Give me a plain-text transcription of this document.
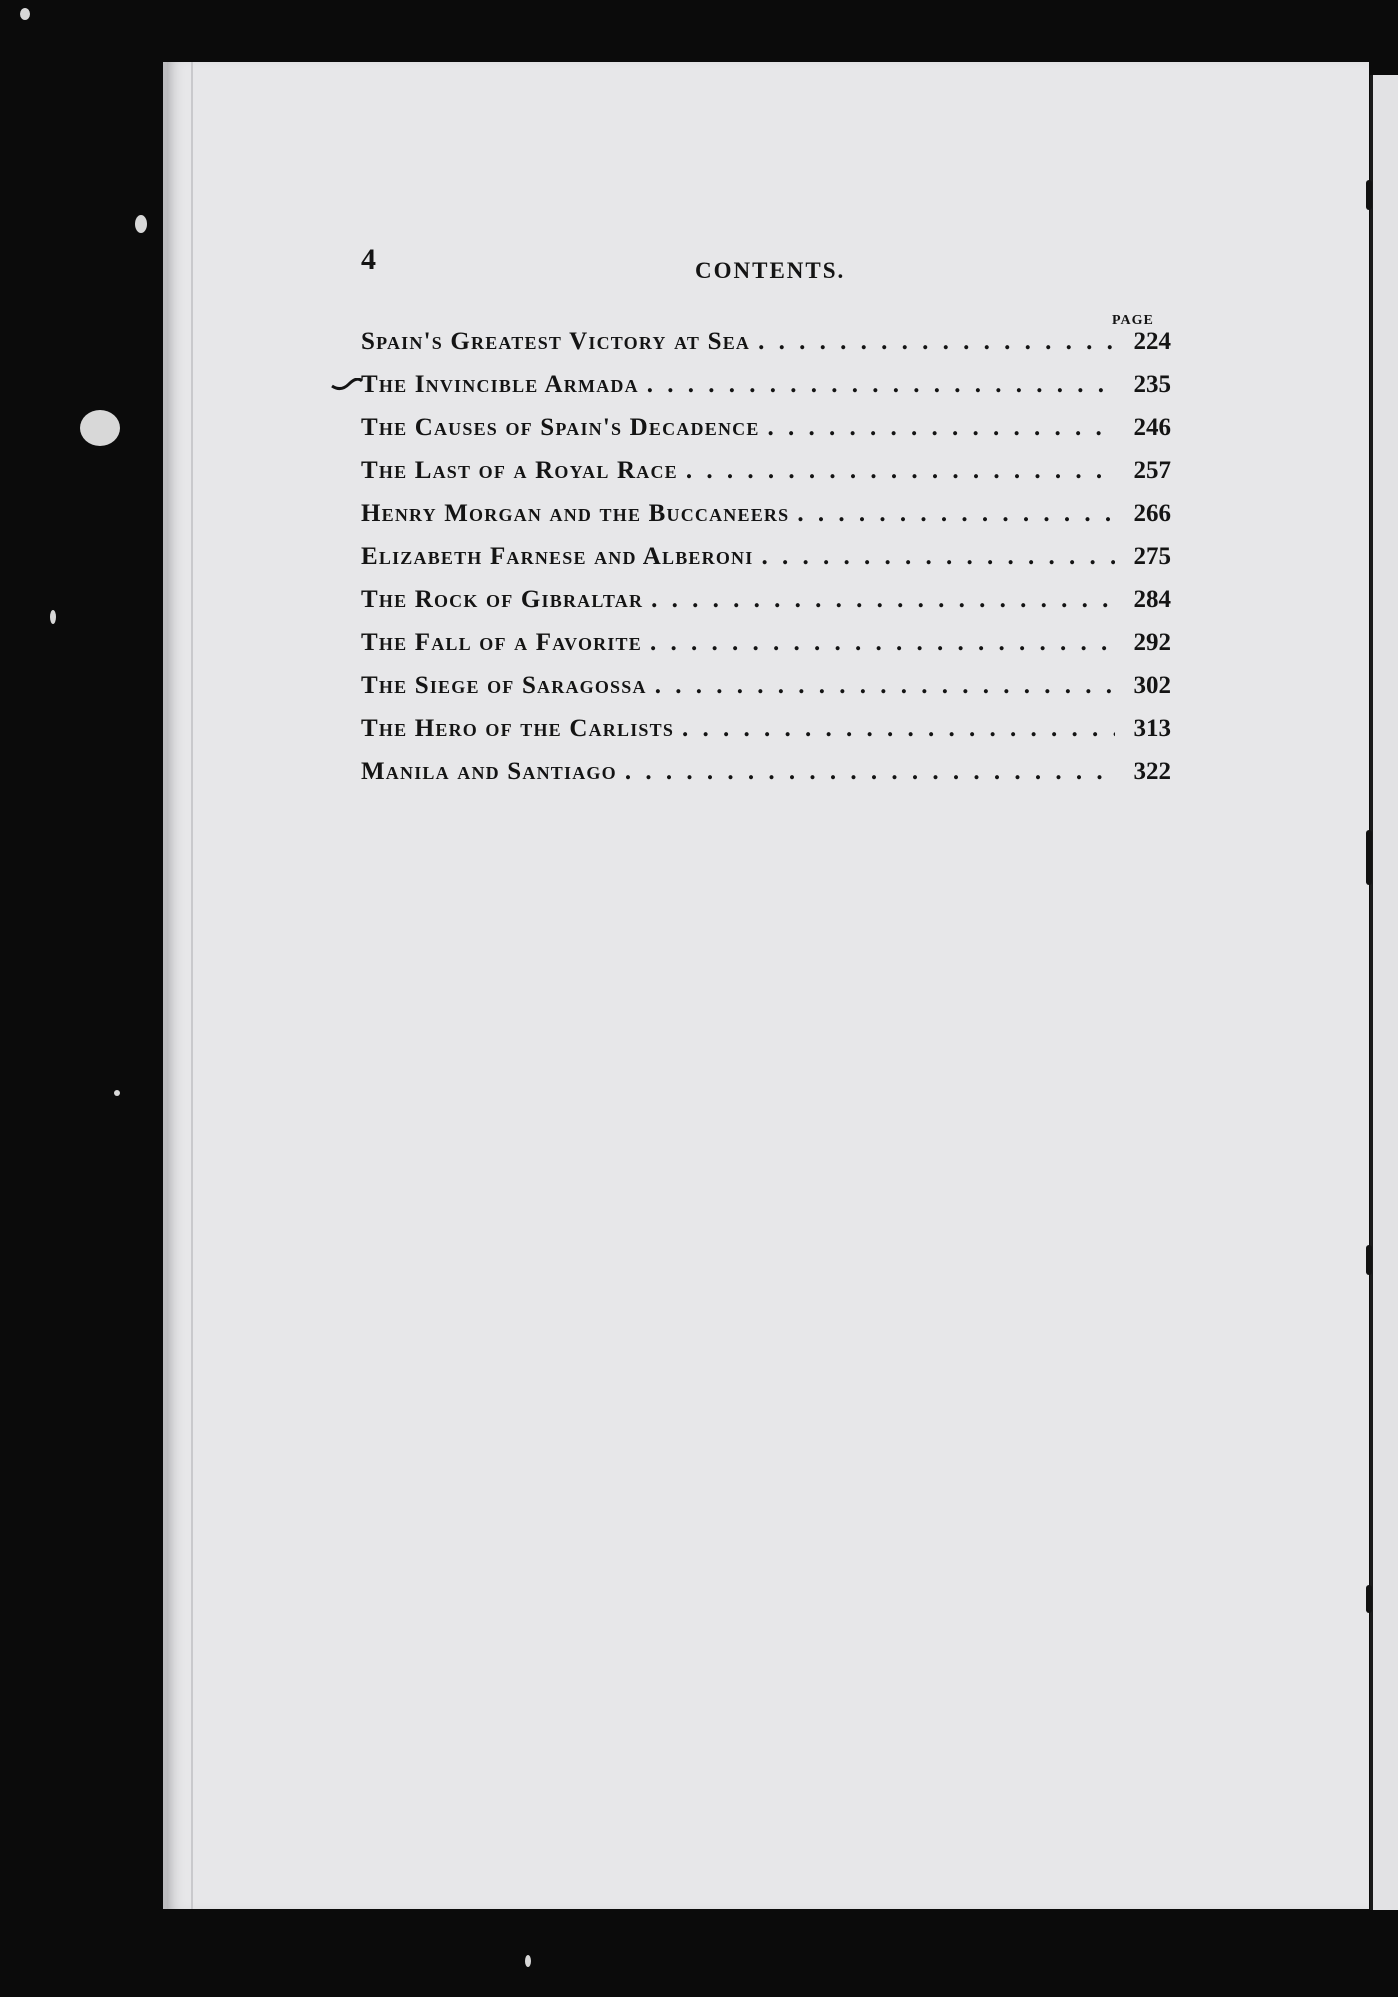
4	CONTENTS.
PAGE
Spain's Greatest Victory at Sea . . .	224
The Invincible Armada . . .	235
The Causes of Spain's Decadence . . .	246
The Last of a Royal Race . . .	257
Henry Morgan and the Buccaneers . . .	266
Elizabeth Farnese and Alberoni . . .	275
The Rock of Gibraltar . . .	284
The Fall of a Favorite . . .	292
The Siege of Saragossa . . .	302
The Hero of the Carlists . . .	313
Manila and Santiago . . .	322
